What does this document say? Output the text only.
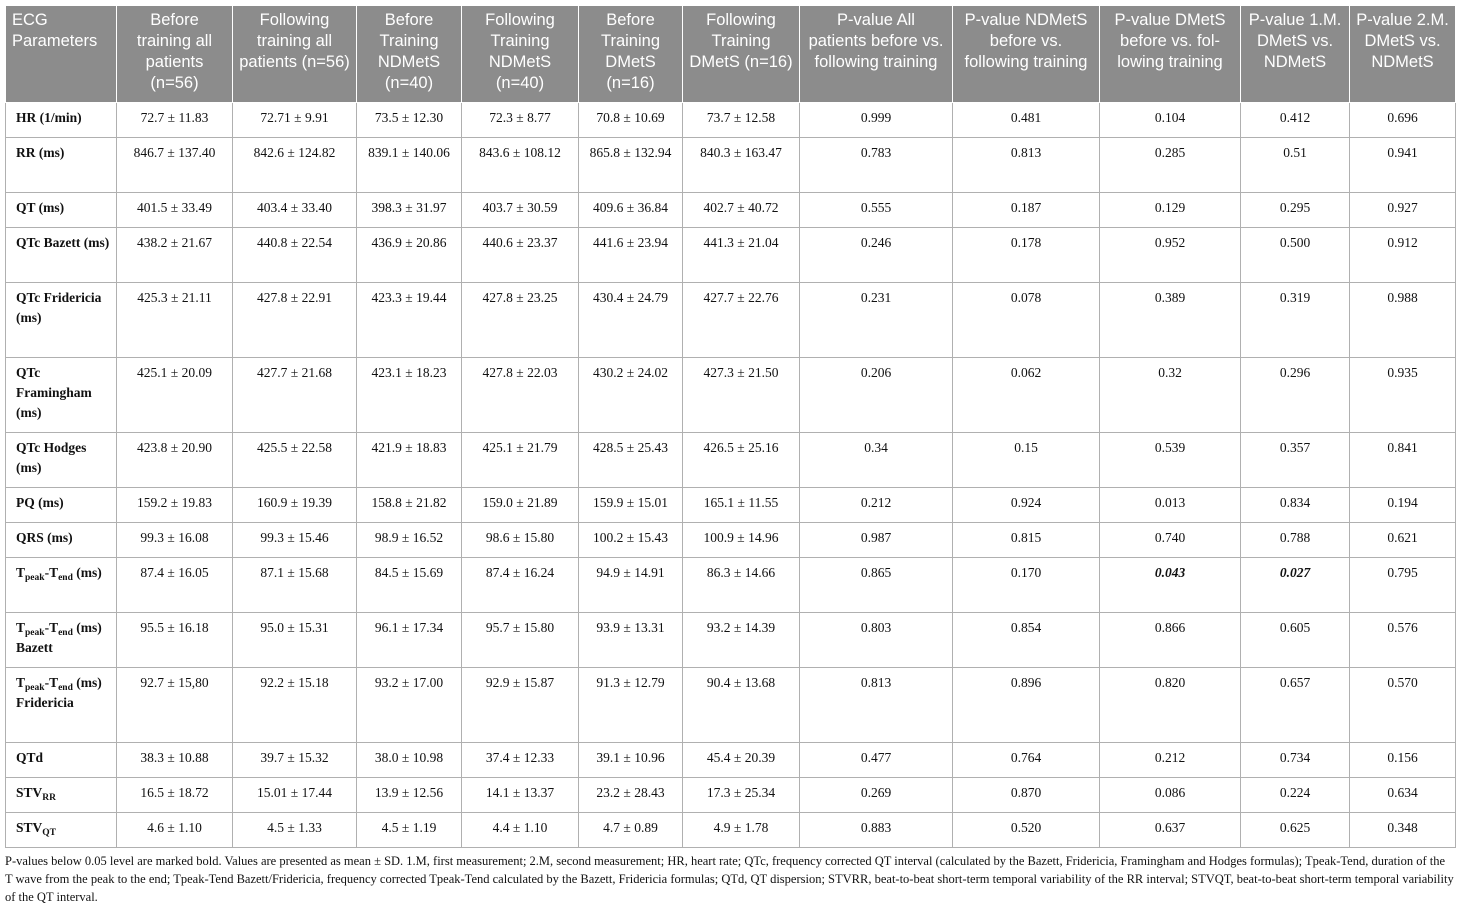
ECG Parameters	Before training all patients (n=56)	Following training all patients (n=56)	Before Training NDMetS (n=40)	Following Training NDMetS (n=40)	Before Training DMetS (n=16)	Following Training DMetS (n=16)	P-value All patients before vs. following training	P-value NDMetS before vs. following training	P-value DMetS before vs. fol-lowing training	P-value 1.M. DMetS vs. NDMetS	P-value 2.M. DMetS vs. NDMetS
HR (1/min)	72.7 ± 11.83	72.71 ± 9.91	73.5 ± 12.30	72.3 ± 8.77	70.8 ± 10.69	73.7 ± 12.58	0.999	0.481	0.104	0.412	0.696
RR (ms)	846.7 ± 137.40	842.6 ± 124.82	839.1 ± 140.06	843.6 ± 108.12	865.8 ± 132.94	840.3 ± 163.47	0.783	0.813	0.285	0.51	0.941
QT (ms)	401.5 ± 33.49	403.4 ± 33.40	398.3 ± 31.97	403.7 ± 30.59	409.6 ± 36.84	402.7 ± 40.72	0.555	0.187	0.129	0.295	0.927
QTc Bazett (ms)	438.2 ± 21.67	440.8 ± 22.54	436.9 ± 20.86	440.6 ± 23.37	441.6 ± 23.94	441.3 ± 21.04	0.246	0.178	0.952	0.500	0.912
QTc Fridericia (ms)	425.3 ± 21.11	427.8 ± 22.91	423.3 ± 19.44	427.8 ± 23.25	430.4 ± 24.79	427.7 ± 22.76	0.231	0.078	0.389	0.319	0.988
QTc Framingham (ms)	425.1 ± 20.09	427.7 ± 21.68	423.1 ± 18.23	427.8 ± 22.03	430.2 ± 24.02	427.3 ± 21.50	0.206	0.062	0.32	0.296	0.935
QTc Hodges (ms)	423.8 ± 20.90	425.5 ± 22.58	421.9 ± 18.83	425.1 ± 21.79	428.5 ± 25.43	426.5 ± 25.16	0.34	0.15	0.539	0.357	0.841
PQ (ms)	159.2 ± 19.83	160.9 ± 19.39	158.8 ± 21.82	159.0 ± 21.89	159.9 ± 15.01	165.1 ± 11.55	0.212	0.924	0.013	0.834	0.194
QRS (ms)	99.3 ± 16.08	99.3 ± 15.46	98.9 ± 16.52	98.6 ± 15.80	100.2 ± 15.43	100.9 ± 14.96	0.987	0.815	0.740	0.788	0.621
$T_{peak}-T_{end}$ (ms)	87.4 ± 16.05	87.1 ± 15.68	84.5 ± 15.69	87.4 ± 16.24	94.9 ± 14.91	86.3 ± 14.66	0.865	0.170	0.043	0.027	0.795
$T_{peak}-T_{end}$ (ms) Bazett	95.5 ± 16.18	95.0 ± 15.31	96.1 ± 17.34	95.7 ± 15.80	93.9 ± 13.31	93.2 ± 14.39	0.803	0.854	0.866	0.605	0.576
$T_{peak}-T_{end}$ (ms) Fridericia	92.7 ± 15,80	92.2 ± 15.18	93.2 ± 17.00	92.9 ± 15.87	91.3 ± 12.79	90.4 ± 13.68	0.813	0.896	0.820	0.657	0.570
QTd	38.3 ± 10.88	39.7 ± 15.32	38.0 ± 10.98	37.4 ± 12.33	39.1 ± 10.96	45.4 ± 20.39	0.477	0.764	0.212	0.734	0.156
$STV_{RR}$	16.5 ± 18.72	15.01 ± 17.44	13.9 ± 12.56	14.1 ± 13.37	23.2 ± 28.43	17.3 ± 25.34	0.269	0.870	0.086	0.224	0.634
$STV_{QT}$	4.6 ± 1.10	4.5 ± 1.33	4.5 ± 1.19	4.4 ± 1.10	4.7 ± 0.89	4.9 ± 1.78	0.883	0.520	0.637	0.625	0.348
P-values below 0.05 level are marked bold. Values are presented as mean ± SD. 1.M, first measurement; 2.M, second measurement; HR, heart rate; QTc, frequency corrected QT interval (calculated by the Bazett, Fridericia, Framingham and Hodges formulas); Tpeak-Tend, duration of the T wave from the peak to the end; Tpeak-Tend Bazett/Fridericia, frequency corrected Tpeak-Tend calculated by the Bazett, Fridericia formulas; QTd, QT dispersion; STVRR, beat-to-beat short-term temporal variability of the RR interval; STVQT, beat-to-beat short-term temporal variability of the QT interval.
